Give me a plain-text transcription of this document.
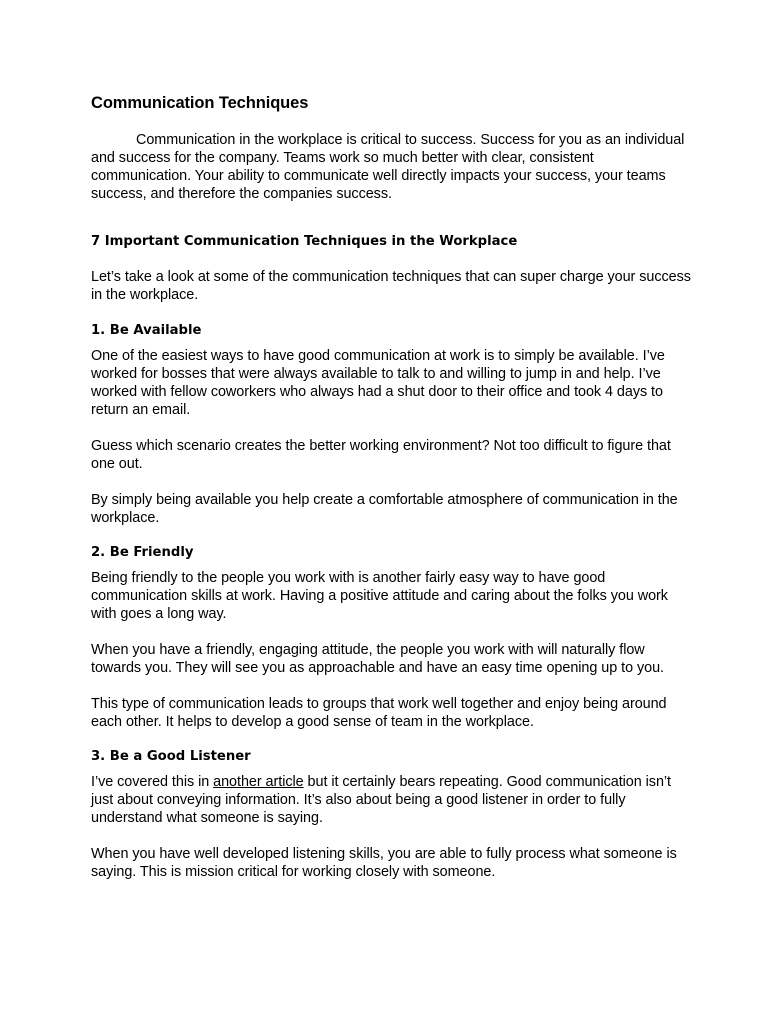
Communication Techniques

Communication in the workplace is critical to success. Success for you as an individual and success for the company. Teams work so much better with clear, consistent communication. Your ability to communicate well directly impacts your success, your teams success, and therefore the companies success.

7 Important Communication Techniques in the Workplace

Let’s take a look at some of the communication techniques that can super charge your success in the workplace.

1. Be Available

One of the easiest ways to have good communication at work is to simply be available. I’ve worked for bosses that were always available to talk to and willing to jump in and help. I’ve worked with fellow coworkers who always had a shut door to their office and took 4 days to return an email.

Guess which scenario creates the better working environment? Not too difficult to figure that one out.

By simply being available you help create a comfortable atmosphere of communication in the workplace.

2. Be Friendly

Being friendly to the people you work with is another fairly easy way to have good communication skills at work. Having a positive attitude and caring about the folks you work with goes a long way.

When you have a friendly, engaging attitude, the people you work with will naturally flow towards you. They will see you as approachable and have an easy time opening up to you.

This type of communication leads to groups that work well together and enjoy being around each other. It helps to develop a good sense of team in the workplace.

3. Be a Good Listener

I’ve covered this in another article but it certainly bears repeating. Good communication isn’t just about conveying information. It’s also about being a good listener in order to fully understand what someone is saying.

When you have well developed listening skills, you are able to fully process what someone is saying. This is mission critical for working closely with someone.
